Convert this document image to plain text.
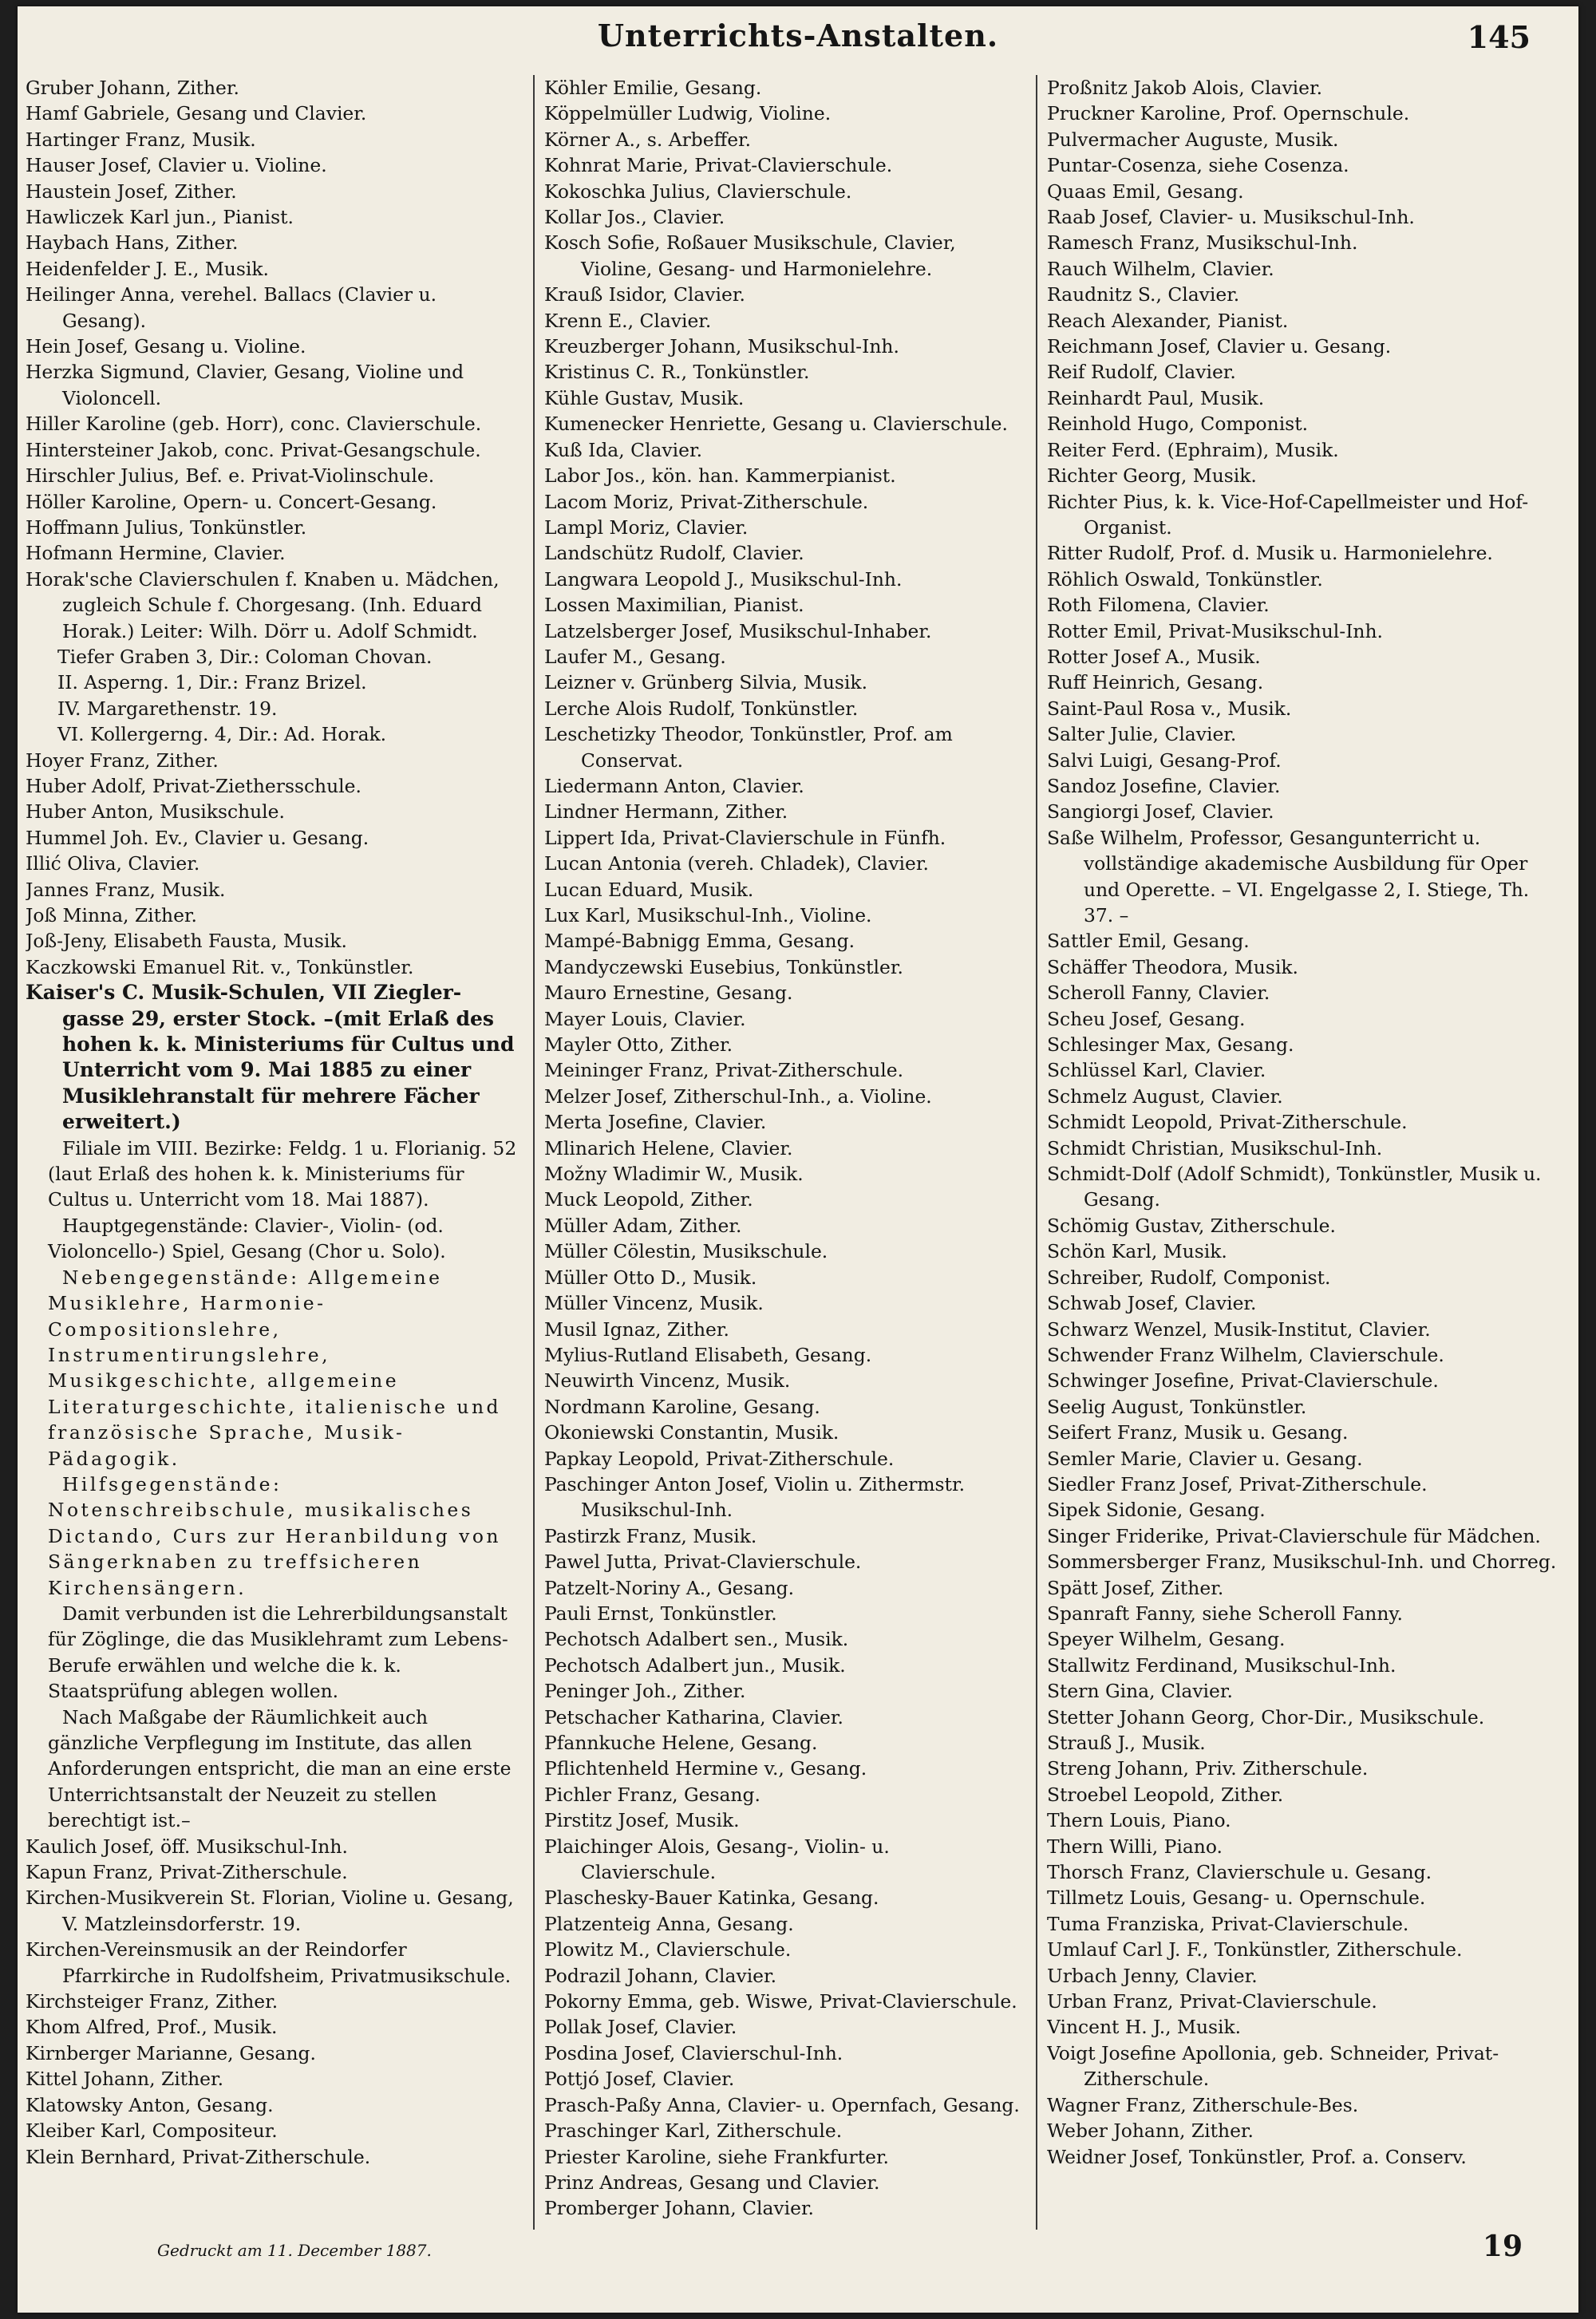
Unterrichts-Anstalten.	145

Gruber Johann, Zither.

Hamf Gabriele, Gesang und Clavier.

Hartinger Franz, Musik.

Hauser Josef, Clavier u. Violine.

Haustein Josef, Zither.

Hawliczek Karl jun., Pianist.

Haybach Hans, Zither.

Heidenfelder J. E., Musik.

Heilinger Anna, verehel. Ballacs (Clavier u. Gesang).

Hein Josef, Gesang u. Violine.

Herzka Sigmund, Clavier, Gesang, Violine und Violoncell.

Hiller Karoline (geb. Horr), conc. Clavierschule.

Hintersteiner Jakob, conc. Privat-Gesangschule.

Hirschler Julius, Bef. e. Privat-Violinschule.

Höller Karoline, Opern- u. Concert-Gesang.

Hoffmann Julius, Tonkünstler.

Hofmann Hermine, Clavier.

Horak'sche Clavierschulen f. Knaben u. Mädchen, zugleich Schule f. Chorgesang. (Inh. Eduard Horak.) Leiter: Wilh. Dörr u. Adolf Schmidt.

Tiefer Graben 3, Dir.: Coloman Chovan.

II. Asperng. 1, Dir.: Franz Brizel.

IV. Margarethenstr. 19.

VI. Kollergerng. 4, Dir.: Ad. Horak.

Hoyer Franz, Zither.

Huber Adolf, Privat-Ziethersschule.

Huber Anton, Musikschule.

Hummel Joh. Ev., Clavier u. Gesang.

Illić Oliva, Clavier.

Jannes Franz, Musik.

Joß Minna, Zither.

Joß-Jeny, Elisabeth Fausta, Musik.

Kaczkowski Emanuel Rit. v., Tonkünstler.

Kaiser's C. Musik-Schulen, VII Ziegler-gasse 29, erster Stock. –(mit Erlaß des hohen k. k. Ministeriums für Cultus und Unterricht vom 9. Mai 1885 zu einer Musiklehranstalt für mehrere Fächer erweitert.)

Filiale im VIII. Bezirke: Feldg. 1 u. Florianig. 52 (laut Erlaß des hohen k. k. Ministeriums für Cultus u. Unterricht vom 18. Mai 1887).

Hauptgegenstände: Clavier-, Violin- (od. Violoncello-) Spiel, Gesang (Chor u. Solo).

Nebengegenstände: Allgemeine Musiklehre, Harmonie-Compositionslehre, Instrumentirungslehre, Musikgeschichte, allgemeine Literaturgeschichte, italienische und französische Sprache, Musik-Pädagogik.

Hilfsgegenstände: Notenschreibschule, musikalisches Dictando, Curs zur Heranbildung von Sängerknaben zu treffsicheren Kirchensängern.

Damit verbunden ist die Lehrerbildungsanstalt für Zöglinge, die das Musiklehramt zum Lebens-Berufe erwählen und welche die k. k. Staatsprüfung ablegen wollen.

Nach Maßgabe der Räumlichkeit auch gänzliche Verpflegung im Institute, das allen Anforderungen entspricht, die man an eine erste Unterrichtsanstalt der Neuzeit zu stellen berechtigt ist.–

Kaulich Josef, öff. Musikschul-Inh.

Kapun Franz, Privat-Zitherschule.

Kirchen-Musikverein St. Florian, Violine u. Gesang, V. Matzleinsdorferstr. 19.

Kirchen-Vereinsmusik an der Reindorfer Pfarrkirche in Rudolfsheim, Privatmusikschule.

Kirchsteiger Franz, Zither.

Khom Alfred, Prof., Musik.

Kirnberger Marianne, Gesang.

Kittel Johann, Zither.

Klatowsky Anton, Gesang.

Kleiber Karl, Compositeur.

Klein Bernhard, Privat-Zitherschule.

Köhler Emilie, Gesang.

Köppelmüller Ludwig, Violine.

Körner A., s. Arbeffer.

Kohnrat Marie, Privat-Clavierschule.

Kokoschka Julius, Clavierschule.

Kollar Jos., Clavier.

Kosch Sofie, Roßauer Musikschule, Clavier, Violine, Gesang- und Harmonielehre.

Krauß Isidor, Clavier.

Krenn E., Clavier.

Kreuzberger Johann, Musikschul-Inh.

Kristinus C. R., Tonkünstler.

Kühle Gustav, Musik.

Kumenecker Henriette, Gesang u. Clavierschule.

Kuß Ida, Clavier.

Labor Jos., kön. han. Kammerpianist.

Lacom Moriz, Privat-Zitherschule.

Lampl Moriz, Clavier.

Landschütz Rudolf, Clavier.

Langwara Leopold J., Musikschul-Inh.

Lossen Maximilian, Pianist.

Latzelsberger Josef, Musikschul-Inhaber.

Laufer M., Gesang.

Leizner v. Grünberg Silvia, Musik.

Lerche Alois Rudolf, Tonkünstler.

Leschetizky Theodor, Tonkünstler, Prof. am Conservat.

Liedermann Anton, Clavier.

Lindner Hermann, Zither.

Lippert Ida, Privat-Clavierschule in Fünfh.

Lucan Antonia (vereh. Chladek), Clavier.

Lucan Eduard, Musik.

Lux Karl, Musikschul-Inh., Violine.

Mampé-Babnigg Emma, Gesang.

Mandyczewski Eusebius, Tonkünstler.

Mauro Ernestine, Gesang.

Mayer Louis, Clavier.

Mayler Otto, Zither.

Meininger Franz, Privat-Zitherschule.

Melzer Josef, Zitherschul-Inh., a. Violine.

Merta Josefine, Clavier.

Mlinarich Helene, Clavier.

Možny Wladimir W., Musik.

Muck Leopold, Zither.

Müller Adam, Zither.

Müller Cölestin, Musikschule.

Müller Otto D., Musik.

Müller Vincenz, Musik.

Musil Ignaz, Zither.

Mylius-Rutland Elisabeth, Gesang.

Neuwirth Vincenz, Musik.

Nordmann Karoline, Gesang.

Okoniewski Constantin, Musik.

Papkay Leopold, Privat-Zitherschule.

Paschinger Anton Josef, Violin u. Zithermstr. Musikschul-Inh.

Pastirzk Franz, Musik.

Pawel Jutta, Privat-Clavierschule.

Patzelt-Noriny A., Gesang.

Pauli Ernst, Tonkünstler.

Pechotsch Adalbert sen., Musik.

Pechotsch Adalbert jun., Musik.

Peninger Joh., Zither.

Petschacher Katharina, Clavier.

Pfannkuche Helene, Gesang.

Pflichtenheld Hermine v., Gesang.

Pichler Franz, Gesang.

Pirstitz Josef, Musik.

Plaichinger Alois, Gesang-, Violin- u. Clavierschule.

Plaschesky-Bauer Katinka, Gesang.

Platzenteig Anna, Gesang.

Plowitz M., Clavierschule.

Podrazil Johann, Clavier.

Pokorny Emma, geb. Wiswe, Privat-Clavierschule.

Pollak Josef, Clavier.

Posdina Josef, Clavierschul-Inh.

Pottjó Josef, Clavier.

Prasch-Paßy Anna, Clavier- u. Opernfach, Gesang.

Praschinger Karl, Zitherschule.

Priester Karoline, siehe Frankfurter.

Prinz Andreas, Gesang und Clavier.

Promberger Johann, Clavier.

Proßnitz Jakob Alois, Clavier.

Pruckner Karoline, Prof. Opernschule.

Pulvermacher Auguste, Musik.

Puntar-Cosenza, siehe Cosenza.

Quaas Emil, Gesang.

Raab Josef, Clavier- u. Musikschul-Inh.

Ramesch Franz, Musikschul-Inh.

Rauch Wilhelm, Clavier.

Raudnitz S., Clavier.

Reach Alexander, Pianist.

Reichmann Josef, Clavier u. Gesang.

Reif Rudolf, Clavier.

Reinhardt Paul, Musik.

Reinhold Hugo, Componist.

Reiter Ferd. (Ephraim), Musik.

Richter Georg, Musik.

Richter Pius, k. k. Vice-Hof-Capellmeister und Hof-Organist.

Ritter Rudolf, Prof. d. Musik u. Harmonielehre.

Röhlich Oswald, Tonkünstler.

Roth Filomena, Clavier.

Rotter Emil, Privat-Musikschul-Inh.

Rotter Josef A., Musik.

Ruff Heinrich, Gesang.

Saint-Paul Rosa v., Musik.

Salter Julie, Clavier.

Salvi Luigi, Gesang-Prof.

Sandoz Josefine, Clavier.

Sangiorgi Josef, Clavier.

Saße Wilhelm, Professor, Gesangunterricht u. vollständige akademische Ausbildung für Oper und Operette. – VI. Engelgasse 2, I. Stiege, Th. 37. –

Sattler Emil, Gesang.

Schäffer Theodora, Musik.

Scheroll Fanny, Clavier.

Scheu Josef, Gesang.

Schlesinger Max, Gesang.

Schlüssel Karl, Clavier.

Schmelz August, Clavier.

Schmidt Leopold, Privat-Zitherschule.

Schmidt Christian, Musikschul-Inh.

Schmidt-Dolf (Adolf Schmidt), Tonkünstler, Musik u. Gesang.

Schömig Gustav, Zitherschule.

Schön Karl, Musik.

Schreiber, Rudolf, Componist.

Schwab Josef, Clavier.

Schwarz Wenzel, Musik-Institut, Clavier.

Schwender Franz Wilhelm, Clavierschule.

Schwinger Josefine, Privat-Clavierschule.

Seelig August, Tonkünstler.

Seifert Franz, Musik u. Gesang.

Semler Marie, Clavier u. Gesang.

Siedler Franz Josef, Privat-Zitherschule.

Sipek Sidonie, Gesang.

Singer Friderike, Privat-Clavierschule für Mädchen.

Sommersberger Franz, Musikschul-Inh. und Chorreg.

Spätt Josef, Zither.

Spanraft Fanny, siehe Scheroll Fanny.

Speyer Wilhelm, Gesang.

Stallwitz Ferdinand, Musikschul-Inh.

Stern Gina, Clavier.

Stetter Johann Georg, Chor-Dir., Musikschule.

Strauß J., Musik.

Streng Johann, Priv. Zitherschule.

Stroebel Leopold, Zither.

Thern Louis, Piano.

Thern Willi, Piano.

Thorsch Franz, Clavierschule u. Gesang.

Tillmetz Louis, Gesang- u. Opernschule.

Tuma Franziska, Privat-Clavierschule.

Umlauf Carl J. F., Tonkünstler, Zitherschule.

Urbach Jenny, Clavier.

Urban Franz, Privat-Clavierschule.

Vincent H. J., Musik.

Voigt Josefine Apollonia, geb. Schneider, Privat-Zitherschule.

Wagner Franz, Zitherschule-Bes.

Weber Johann, Zither.

Weidner Josef, Tonkünstler, Prof. a. Conserv.

Gedruckt am 11. December 1887.	19
